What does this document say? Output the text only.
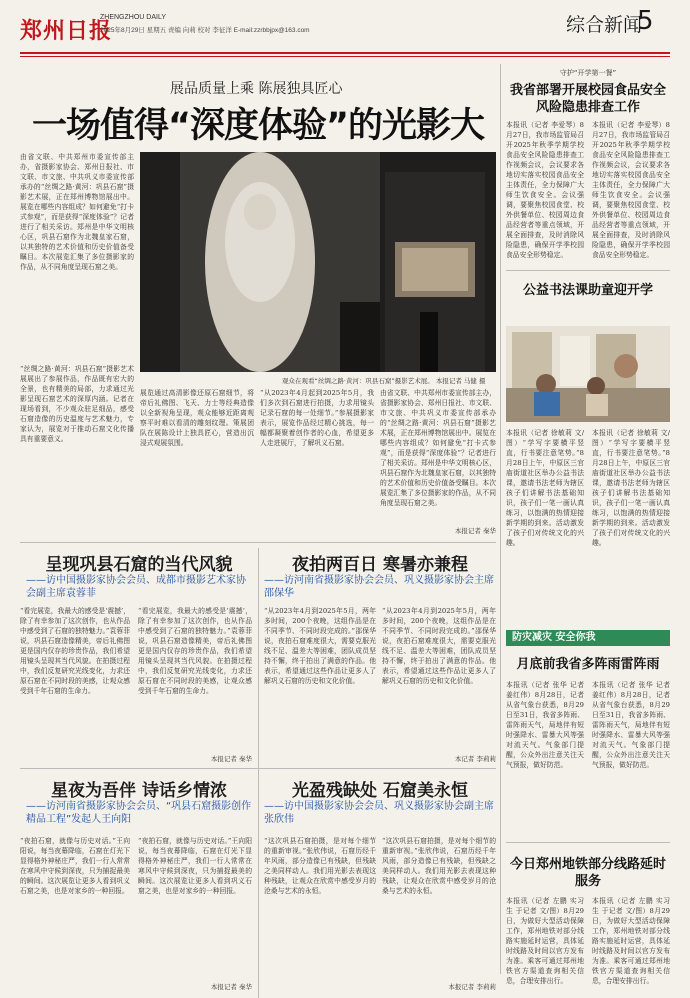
郑州日报
ZHENGZHOU DAILY
2025年8月29日 星期五 责编 向莉 校对 李征洋 E-mail:zzrbbjpx@163.com	综合新闻
5
展品质量上乘 陈展独具匠心
一场值得“深度体验”的光影大
由省文联、中共郑州市委宣传部主办，省摄影家协会、郑州日报社、市文联、市文旅、中共巩义市委宣传部承办的“丝绸之路·黄河：巩县石窟”摄影艺术展，正在郑州博物馆展出中。展览在哪些内容组成？如何避免“打卡式参观”，而是获得“深度体验”？记者进行了相关采访。郑州是中华文明核心区，巩县石窟作为北魏皇家石窟，以其独特的艺术价值和历史价值备受瞩目。本次展览汇集了多位摄影家的作品，从不同角度呈现石窟之美。
观众在观看“丝绸之路·黄河：巩县石窟”摄影艺术展。 本报记者 马健 摄
“丝绸之路·黄河：巩县石窟”摄影艺术展展出了参展作品，作品既有宏大的全景，也有精美的局部，力求通过光影呈现石窟艺术的深厚内涵。记者在现场看到，不少观众驻足细品，感受石窟造像的历史温度与艺术魅力，专家认为，展览对于推动石窟文化传播具有重要意义。
展览通过高清影像还原石窟细节，将帝后礼佛图、飞天、力士等经典造像以全新视角呈现，观众能够近距离观察平时难以看清的雕刻纹理。策展团队在展陈设计上独具匠心，营造出沉浸式观展氛围。
“从2023年4月起到2025年5月，我们多次到石窟进行拍摄，力求用镜头记录石窟的每一处细节。”参展摄影家表示，展览作品经过精心挑选，每一幅都凝聚着创作者的心血，希望更多人走进展厅，了解巩义石窟。
由省文联、中共郑州市委宣传部主办，省摄影家协会、郑州日报社、市文联、市文旅、中共巩义市委宣传部承办的“丝绸之路·黄河：巩县石窟”摄影艺术展，正在郑州博物馆展出中。展览在哪些内容组成？如何避免“打卡式参观”，而是获得“深度体验”？记者进行了相关采访。郑州是中华文明核心区，巩县石窟作为北魏皇家石窟，以其独特的艺术价值和历史价值备受瞩目。本次展览汇集了多位摄影家的作品，从不同角度呈现石窟之美。
本报记者 秦华
呈现巩县石窟的当代风貌
——访中国摄影家协会会员、成都市摄影艺术家协会副主席袁蓉菲
“看完展览，我最大的感受是‘震撼’，除了有幸参加了这次创作，也从作品中感受到了石窟的独特魅力。”袁蓉菲说，巩县石窟造像精美，帝后礼佛图更是国内仅存的珍贵作品，我们希望用镜头呈现其当代风貌。在拍摄过程中，我们反复研究光线变化，力求还原石窟在不同时段的美感，让观众感受到千年石窟的生命力。
“看完展览，我最大的感受是‘震撼’，除了有幸参加了这次创作，也从作品中感受到了石窟的独特魅力。”袁蓉菲说，巩县石窟造像精美，帝后礼佛图更是国内仅存的珍贵作品，我们希望用镜头呈现其当代风貌。在拍摄过程中，我们反复研究光线变化，力求还原石窟在不同时段的美感，让观众感受到千年石窟的生命力。
本报记者 秦华
夜拍两百日 寒暑亦兼程
——访河南省摄影家协会会员、巩义摄影家协会主席邵保华
“从2023年4月到2025年5月，两年多时间，200个夜晚，这组作品是在不同季节、不同时段完成的。”邵保华说，夜拍石窟难度很大，需要克服光线不足、温差大等困难，团队成员坚持不懈，终于拍出了满意的作品。他表示，希望通过这些作品让更多人了解巩义石窟的历史和文化价值。
“从2023年4月到2025年5月，两年多时间，200个夜晚，这组作品是在不同季节、不同时段完成的。”邵保华说，夜拍石窟难度很大，需要克服光线不足、温差大等困难，团队成员坚持不懈，终于拍出了满意的作品。他表示，希望通过这些作品让更多人了解巩义石窟的历史和文化价值。
本记者 李莉莉
星夜为吾伴 诗话乡情浓
——访河南省摄影家协会会员、“巩县石窟摄影创作精品工程”发起人王向阳
“夜拍石窟，就像与历史对话。”王向阳说，每当夜幕降临，石窟在灯光下显得格外神秘庄严，我们一行人常常在寒风中守候到深夜，只为捕捉最美的瞬间。这次展览让更多人看到巩义石窟之美，也是对家乡的一种回报。
“夜拍石窟，就像与历史对话。”王向阳说，每当夜幕降临，石窟在灯光下显得格外神秘庄严，我们一行人常常在寒风中守候到深夜，只为捕捉最美的瞬间。这次展览让更多人看到巩义石窟之美，也是对家乡的一种回报。
本报记者 秦华
光盈残缺处 石窟美永恒
——访中国摄影家协会会员、巩义摄影家协会副主席张欣伟
“这次巩县石窟拍摄，是对每个细节的重新审视。”张欣伟说，石窟历经千年风雨，部分造像已有残缺，但残缺之美同样动人。我们用光影去表现这种残缺，让观众在欣赏中感受岁月的沧桑与艺术的永恒。
“这次巩县石窟拍摄，是对每个细节的重新审视。”张欣伟说，石窟历经千年风雨，部分造像已有残缺，但残缺之美同样动人。我们用光影去表现这种残缺，让观众在欣赏中感受岁月的沧桑与艺术的永恒。
本报记者 李莉莉
守护“开学第一餐”
我省部署开展校园食品安全风险隐患排查工作
本报讯（记者 李爱琴）8月27日，我市场监管局召开2025年秋季学期学校食品安全风险隐患排查工作视频会议，会议要求各地切实落实校园食品安全主体责任，全力保障广大师生饮食安全。会议强调，要聚焦校园食堂、校外供餐单位、校园周边食品经营者等重点领域，开展全面排查，及时消除风险隐患，确保开学季校园食品安全形势稳定。
本报讯（记者 李爱琴）8月27日，我市场监管局召开2025年秋季学期学校食品安全风险隐患排查工作视频会议，会议要求各地切实落实校园食品安全主体责任，全力保障广大师生饮食安全。会议强调，要聚焦校园食堂、校外供餐单位、校园周边食品经营者等重点领域，开展全面排查，及时消除风险隐患，确保开学季校园食品安全形势稳定。
公益书法课助童迎开学
本报讯（记者 徐敏莉 文/图）“学写字要横平竖直，行书要注意笔势。”8月28日上午，中原区三官庙街道社区举办公益书法课，邀请书法老师为辖区孩子们讲解书法基础知识，孩子们一笔一画认真练习，以饱满的热情迎接新学期的到来。活动激发了孩子们对传统文化的兴趣。
本报讯（记者 徐敏莉 文/图）“学写字要横平竖直，行书要注意笔势。”8月28日上午，中原区三官庙街道社区举办公益书法课，邀请书法老师为辖区孩子们讲解书法基础知识，孩子们一笔一画认真练习，以饱满的热情迎接新学期的到来。活动激发了孩子们对传统文化的兴趣。
防灾减灾 安全你我
月底前我省多阵雨雷阵雨
本报讯（记者 张华 记者 姜红伟）8月28日，记者从省气象台获悉，8月29日至31日，我省多阵雨、雷阵雨天气，局地伴有短时强降水、雷暴大风等强对流天气。气象部门提醒，公众外出注意关注天气预报，做好防范。
本报讯（记者 张华 记者 姜红伟）8月28日，记者从省气象台获悉，8月29日至31日，我省多阵雨、雷阵雨天气，局地伴有短时强降水、雷暴大风等强对流天气。气象部门提醒，公众外出注意关注天气预报，做好防范。
今日郑州地铁部分线路延时服务
本报讯（记者 左鹏 实习生 于记者 文/图）8月29日，为做好大型活动保障工作，郑州地铁对部分线路实施延时运营，具体延时线路及时间以官方发布为准。乘客可通过郑州地铁官方渠道查询相关信息，合理安排出行。
本报讯（记者 左鹏 实习生 于记者 文/图）8月29日，为做好大型活动保障工作，郑州地铁对部分线路实施延时运营，具体延时线路及时间以官方发布为准。乘客可通过郑州地铁官方渠道查询相关信息，合理安排出行。
